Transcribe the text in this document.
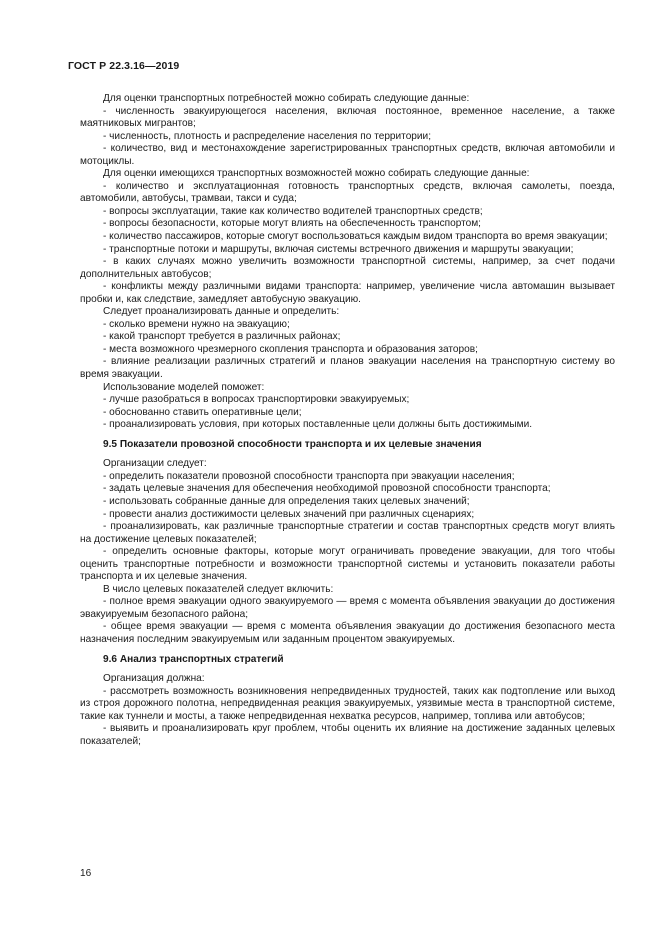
ГОСТ Р 22.3.16—2019
Для оценки транспортных потребностей можно собирать следующие данные:
- численность эвакуирующегося населения, включая постоянное, временное население, а также маятниковых мигрантов;
- численность, плотность и распределение населения по территории;
- количество, вид и местонахождение зарегистрированных транспортных средств, включая автомобили и мотоциклы.
Для оценки имеющихся транспортных возможностей можно собирать следующие данные:
- количество и эксплуатационная готовность транспортных средств, включая самолеты, поезда, автомобили, автобусы, трамваи, такси и суда;
- вопросы эксплуатации, такие как количество водителей транспортных средств;
- вопросы безопасности, которые могут влиять на обеспеченность транспортом;
- количество пассажиров, которые смогут воспользоваться каждым видом транспорта во время эвакуации;
- транспортные потоки и маршруты, включая системы встречного движения и маршруты эвакуации;
- в каких случаях можно увеличить возможности транспортной системы, например, за счет подачи дополнительных автобусов;
- конфликты между различными видами транспорта: например, увеличение числа автомашин вызывает пробки и, как следствие, замедляет автобусную эвакуацию.
Следует проанализировать данные и определить:
- сколько времени нужно на эвакуацию;
- какой транспорт требуется в различных районах;
- места возможного чрезмерного скопления транспорта и образования заторов;
- влияние реализации различных стратегий и планов эвакуации населения на транспортную систему во время эвакуации.
Использование моделей поможет:
- лучше разобраться в вопросах транспортировки эвакуируемых;
- обоснованно ставить оперативные цели;
- проанализировать условия, при которых поставленные цели должны быть достижимыми.
9.5 Показатели провозной способности транспорта и их целевые значения
Организации следует:
- определить показатели провозной способности транспорта при эвакуации населения;
- задать целевые значения для обеспечения необходимой провозной способности транспорта;
- использовать собранные данные для определения таких целевых значений;
- провести анализ достижимости целевых значений при различных сценариях;
- проанализировать, как различные транспортные стратегии и состав транспортных средств могут влиять на достижение целевых показателей;
- определить основные факторы, которые могут ограничивать проведение эвакуации, для того чтобы оценить транспортные потребности и возможности транспортной системы и установить показатели работы транспорта и их целевые значения.
В число целевых показателей следует включить:
- полное время эвакуации одного эвакуируемого — время с момента объявления эвакуации до достижения эвакуируемым безопасного района;
- общее время эвакуации — время с момента объявления эвакуации до достижения безопасного места назначения последним эвакуируемым или заданным процентом эвакуируемых.
9.6 Анализ транспортных стратегий
Организация должна:
- рассмотреть возможность возникновения непредвиденных трудностей, таких как подтопление или выход из строя дорожного полотна, непредвиденная реакция эвакуируемых, уязвимые места в транспортной системе, такие как туннели и мосты, а также непредвиденная нехватка ресурсов, например, топлива или автобусов;
- выявить и проанализировать круг проблем, чтобы оценить их влияние на достижение заданных целевых показателей;
16
